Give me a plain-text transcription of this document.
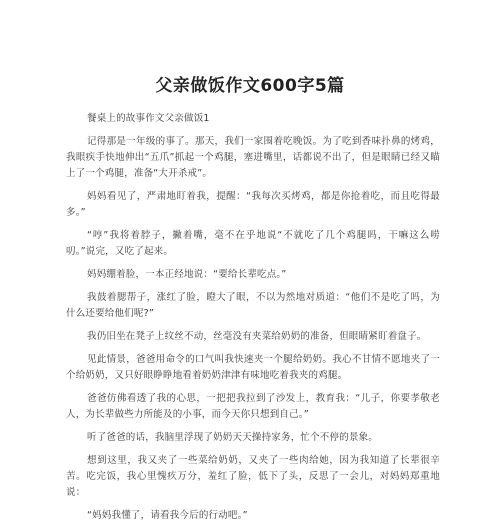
父亲做饭作文600字5篇

餐桌上的故事作文父亲做饭1

记得那是一年级的事了。那天，我们一家围着吃晚饭。为了吃到香味扑鼻的烤鸡，我眼疾手快地伸出“五爪”抓起一个鸡腿，塞进嘴里，话都说不出了，但是眼睛已经又瞄上了一个鸡腿，准备“大开杀戒”。

妈妈看见了，严肃地盯着我，提醒：“我每次买烤鸡，都是你抢着吃，而且吃得最多。”

“哼”我将着脖子，撇着嘴，毫不在乎地说“不就吃了几个鸡腿吗，干嘛这么唠叨。”说完，又吃了起来。

妈妈绷着脸，一本正经地说：“要给长辈吃点。”

我鼓着腮帮子，涨红了脸，瞪大了眼，不以为然地对质道：“他们不是吃了吗，为什么还要给他们呢?”

我仍旧坐在凳子上纹丝不动，丝毫没有夹菜给奶奶的准备，但眼睛紧盯着盘子。

见此情景，爸爸用命令的口气叫我快速夹一个腿给奶奶。我心不甘情不愿地夹了一个给奶奶，又只好眼睁睁地看着奶奶津津有味地吃着我夹的鸡腿。

爸爸仿佛看透了我的心思，一把把我拉到了沙发上，教育我：“儿子，你要孝敬老人，为长辈做些力所能及的小事，而今天你只想到自己。”

听了爸爸的话，我脑里浮现了奶奶天天操持家务，忙个不停的景象。

想到这里，我又夹了一些菜给奶奶，又夹了一些肉给她，因为我知道了长辈很辛苦。吃完饭，我心里愧疚万分，羞红了脸，低下了头，反思了一会儿，对妈妈郑重地说：

“妈妈我懂了，请看我今后的行动吧。”
